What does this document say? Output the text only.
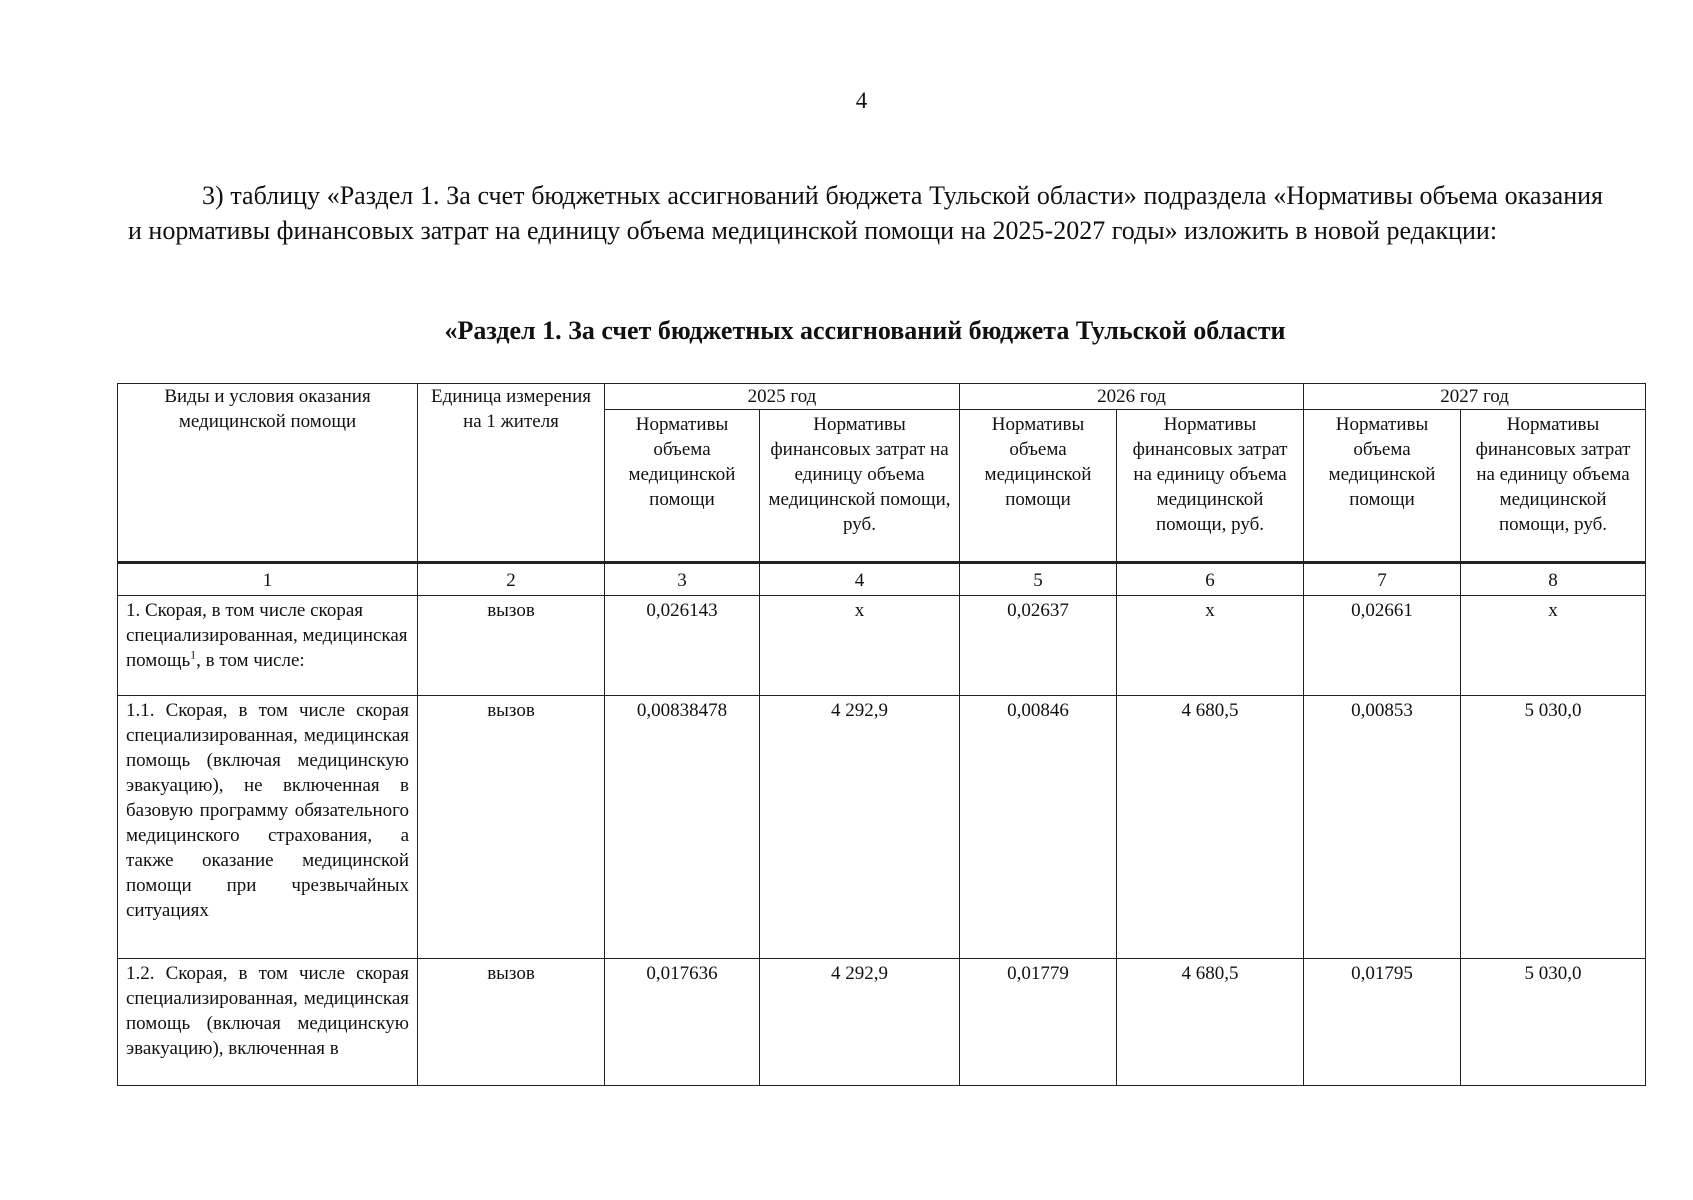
4
3) таблицу «Раздел 1. За счет бюджетных ассигнований бюджета Тульской области» подраздела «Нормативы объема оказания и нормативы финансовых затрат на единицу объема медицинской помощи на 2025-2027 годы» изложить в новой редакции:
«Раздел 1. За счет бюджетных ассигнований бюджета Тульской области
Виды и условия оказания медицинской помощи	Единица измерения на 1 жителя	2025 год		2026 год		2027 год	
		Нормативы объема медицинской помощи	Нормативы финансовых затрат на единицу объема медицинской помощи, руб.	Нормативы объема медицинской помощи	Нормативы финансовых затрат на единицу объема медицинской помощи, руб.	Нормативы объема медицинской помощи	Нормативы финансовых затрат на единицу объема медицинской помощи, руб.
1	2	3	4	5	6	7	8
1. Скорая, в том числе скорая специализированная, медицинская помощь$^1$, в том числе:	вызов	0,026143	х	0,02637	х	0,02661	х
1.1. Скорая, в том числе скорая специализированная, медицинская помощь (включая медицинскую эвакуацию), не включенная в базовую программу обязательного медицинского страхования, а также оказание медицинской помощи при чрезвычайных ситуациях	вызов	0,00838478	4 292,9	0,00846	4 680,5	0,00853	5 030,0
1.2. Скорая, в том числе скорая специализированная, медицинская помощь (включая медицинскую эвакуацию), включенная в	вызов	0,017636	4 292,9	0,01779	4 680,5	0,01795	5 030,0
